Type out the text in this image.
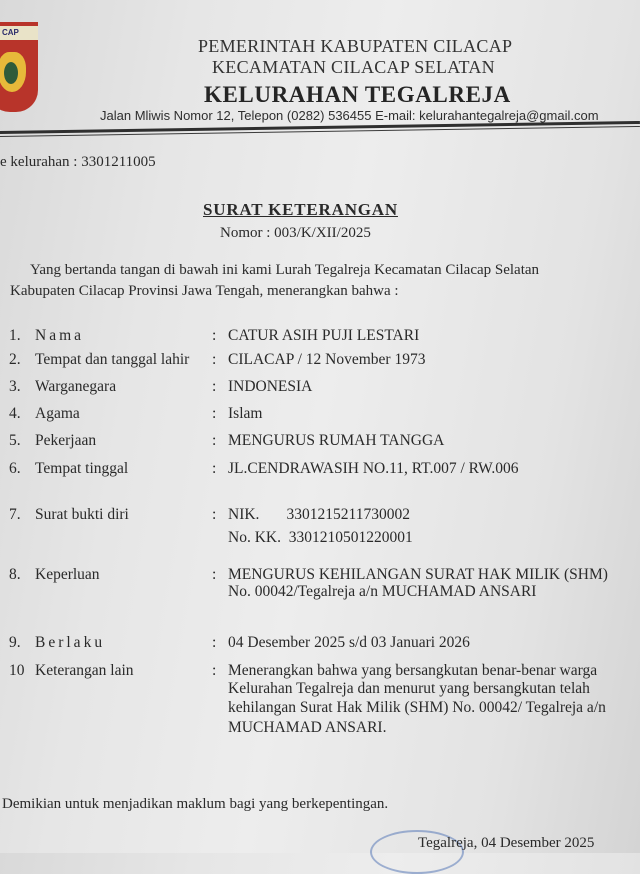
CAP
PEMERINTAH KABUPATEN CILACAP
KECAMATAN CILACAP SELATAN
KELURAHAN TEGALREJA
Jalan Mliwis Nomor 12, Telepon (0282) 536455 E-mail: kelurahantegalreja@gmail.com
e kelurahan : 3301211005
SURAT KETERANGAN
Nomor : 003/K/XII/2025
Yang bertanda tangan di bawah ini kami Lurah Tegalreja Kecamatan Cilacap Selatan
Kabupaten Cilacap Provinsi Jawa Tengah, menerangkan bahwa :
1. Nama	: CATUR ASIH PUJI LESTARI
2. Tempat dan tanggal lahir : CILACAP / 12 November 1973
3. Warganegara	: INDONESIA
4. Agama	: Islam
5. Pekerjaan	: MENGURUS RUMAH TANGGA
6. Tempat tinggal	: JL.CENDRAWASIH NO.11, RT.007 / RW.006
7. Surat bukti diri	: NIK.       3301215211730002
No. KK.  3301210501220001
8. Keperluan	: MENGURUS KEHILANGAN SURAT HAK MILIK (SHM)
No. 00042/Tegalreja a/n MUCHAMAD ANSARI
9. Berlaku	: 04 Desember 2025 s/d 03 Januari 2026
10 Keterangan lain	: Menerangkan bahwa yang bersangkutan benar-benar warga
Kelurahan Tegalreja dan menurut yang bersangkutan telah
kehilangan Surat Hak Milik (SHM) No. 00042/ Tegalreja a/n
MUCHAMAD ANSARI.
Demikian untuk menjadikan maklum bagi yang berkepentingan.
Tegalreja, 04 Desember 2025
